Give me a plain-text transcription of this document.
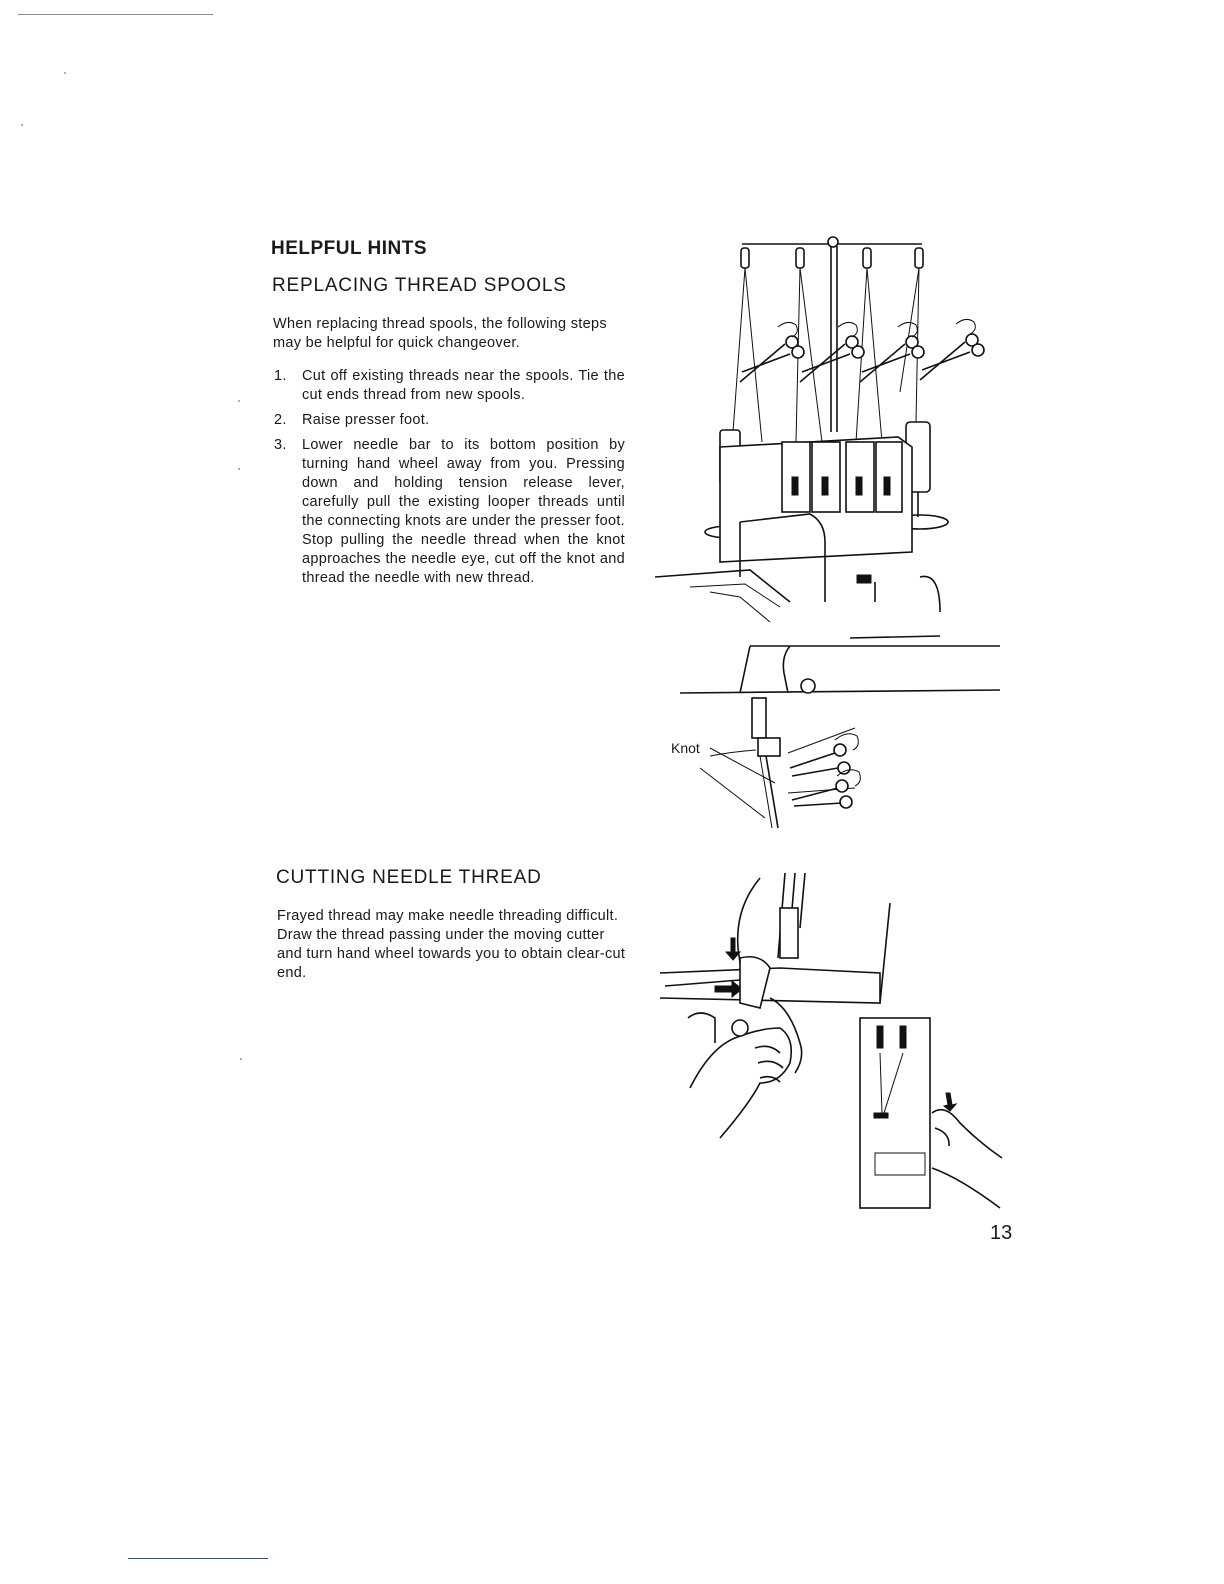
HELPFUL HINTS
REPLACING THREAD SPOOLS

When replacing thread spools, the following steps may be helpful for quick changeover.

1. Cut off existing threads near the spools. Tie the cut ends thread from new spools.
2. Raise presser foot.
3. Lower needle bar to its bottom position by turning hand wheel away from you. Pressing down and holding tension release lever, carefully pull the existing looper threads until the connecting knots are under the presser foot. Stop pulling the needle thread when the knot approaches the needle eye, cut off the knot and thread the needle with new thread.
CUTTING NEEDLE THREAD

Frayed thread may make needle threading difficult. Draw the thread passing under the moving cutter and turn hand wheel towards you to obtain clear-cut end.

Knot
13
